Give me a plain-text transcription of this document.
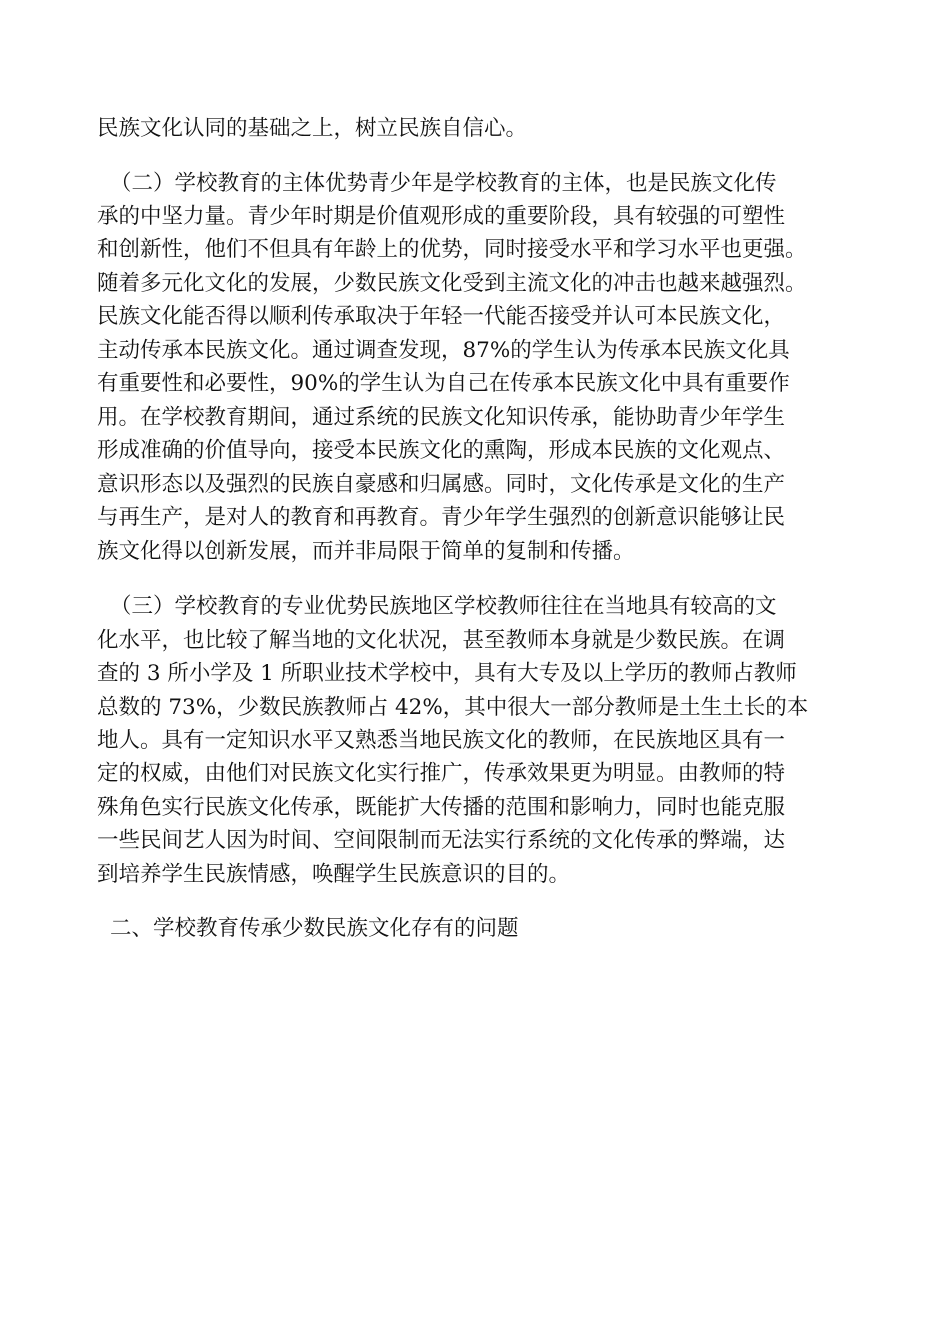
民族文化认同的基础之上，树立民族自信心。
（二）学校教育的主体优势青少年是学校教育的主体，也是民族文化传
承的中坚力量。青少年时期是价值观形成的重要阶段，具有较强的可塑性
和创新性，他们不但具有年龄上的优势，同时接受水平和学习水平也更强。
随着多元化文化的发展，少数民族文化受到主流文化的冲击也越来越强烈。
民族文化能否得以顺利传承取决于年轻一代能否接受并认可本民族文化，
主动传承本民族文化。通过调查发现，87%的学生认为传承本民族文化具
有重要性和必要性，90%的学生认为自己在传承本民族文化中具有重要作
用。在学校教育期间，通过系统的民族文化知识传承，能协助青少年学生
形成准确的价值导向，接受本民族文化的熏陶，形成本民族的文化观点、
意识形态以及强烈的民族自豪感和归属感。同时，文化传承是文化的生产
与再生产，是对人的教育和再教育。青少年学生强烈的创新意识能够让民
族文化得以创新发展，而并非局限于简单的复制和传播。
（三）学校教育的专业优势民族地区学校教师往往在当地具有较高的文
化水平，也比较了解当地的文化状况，甚至教师本身就是少数民族。在调
查的 3 所小学及 1 所职业技术学校中，具有大专及以上学历的教师占教师
总数的 73%，少数民族教师占 42%，其中很大一部分教师是土生土长的本
地人。具有一定知识水平又熟悉当地民族文化的教师，在民族地区具有一
定的权威，由他们对民族文化实行推广，传承效果更为明显。由教师的特
殊角色实行民族文化传承，既能扩大传播的范围和影响力，同时也能克服
一些民间艺人因为时间、空间限制而无法实行系统的文化传承的弊端，达
到培养学生民族情感，唤醒学生民族意识的目的。
二、学校教育传承少数民族文化存有的问题
